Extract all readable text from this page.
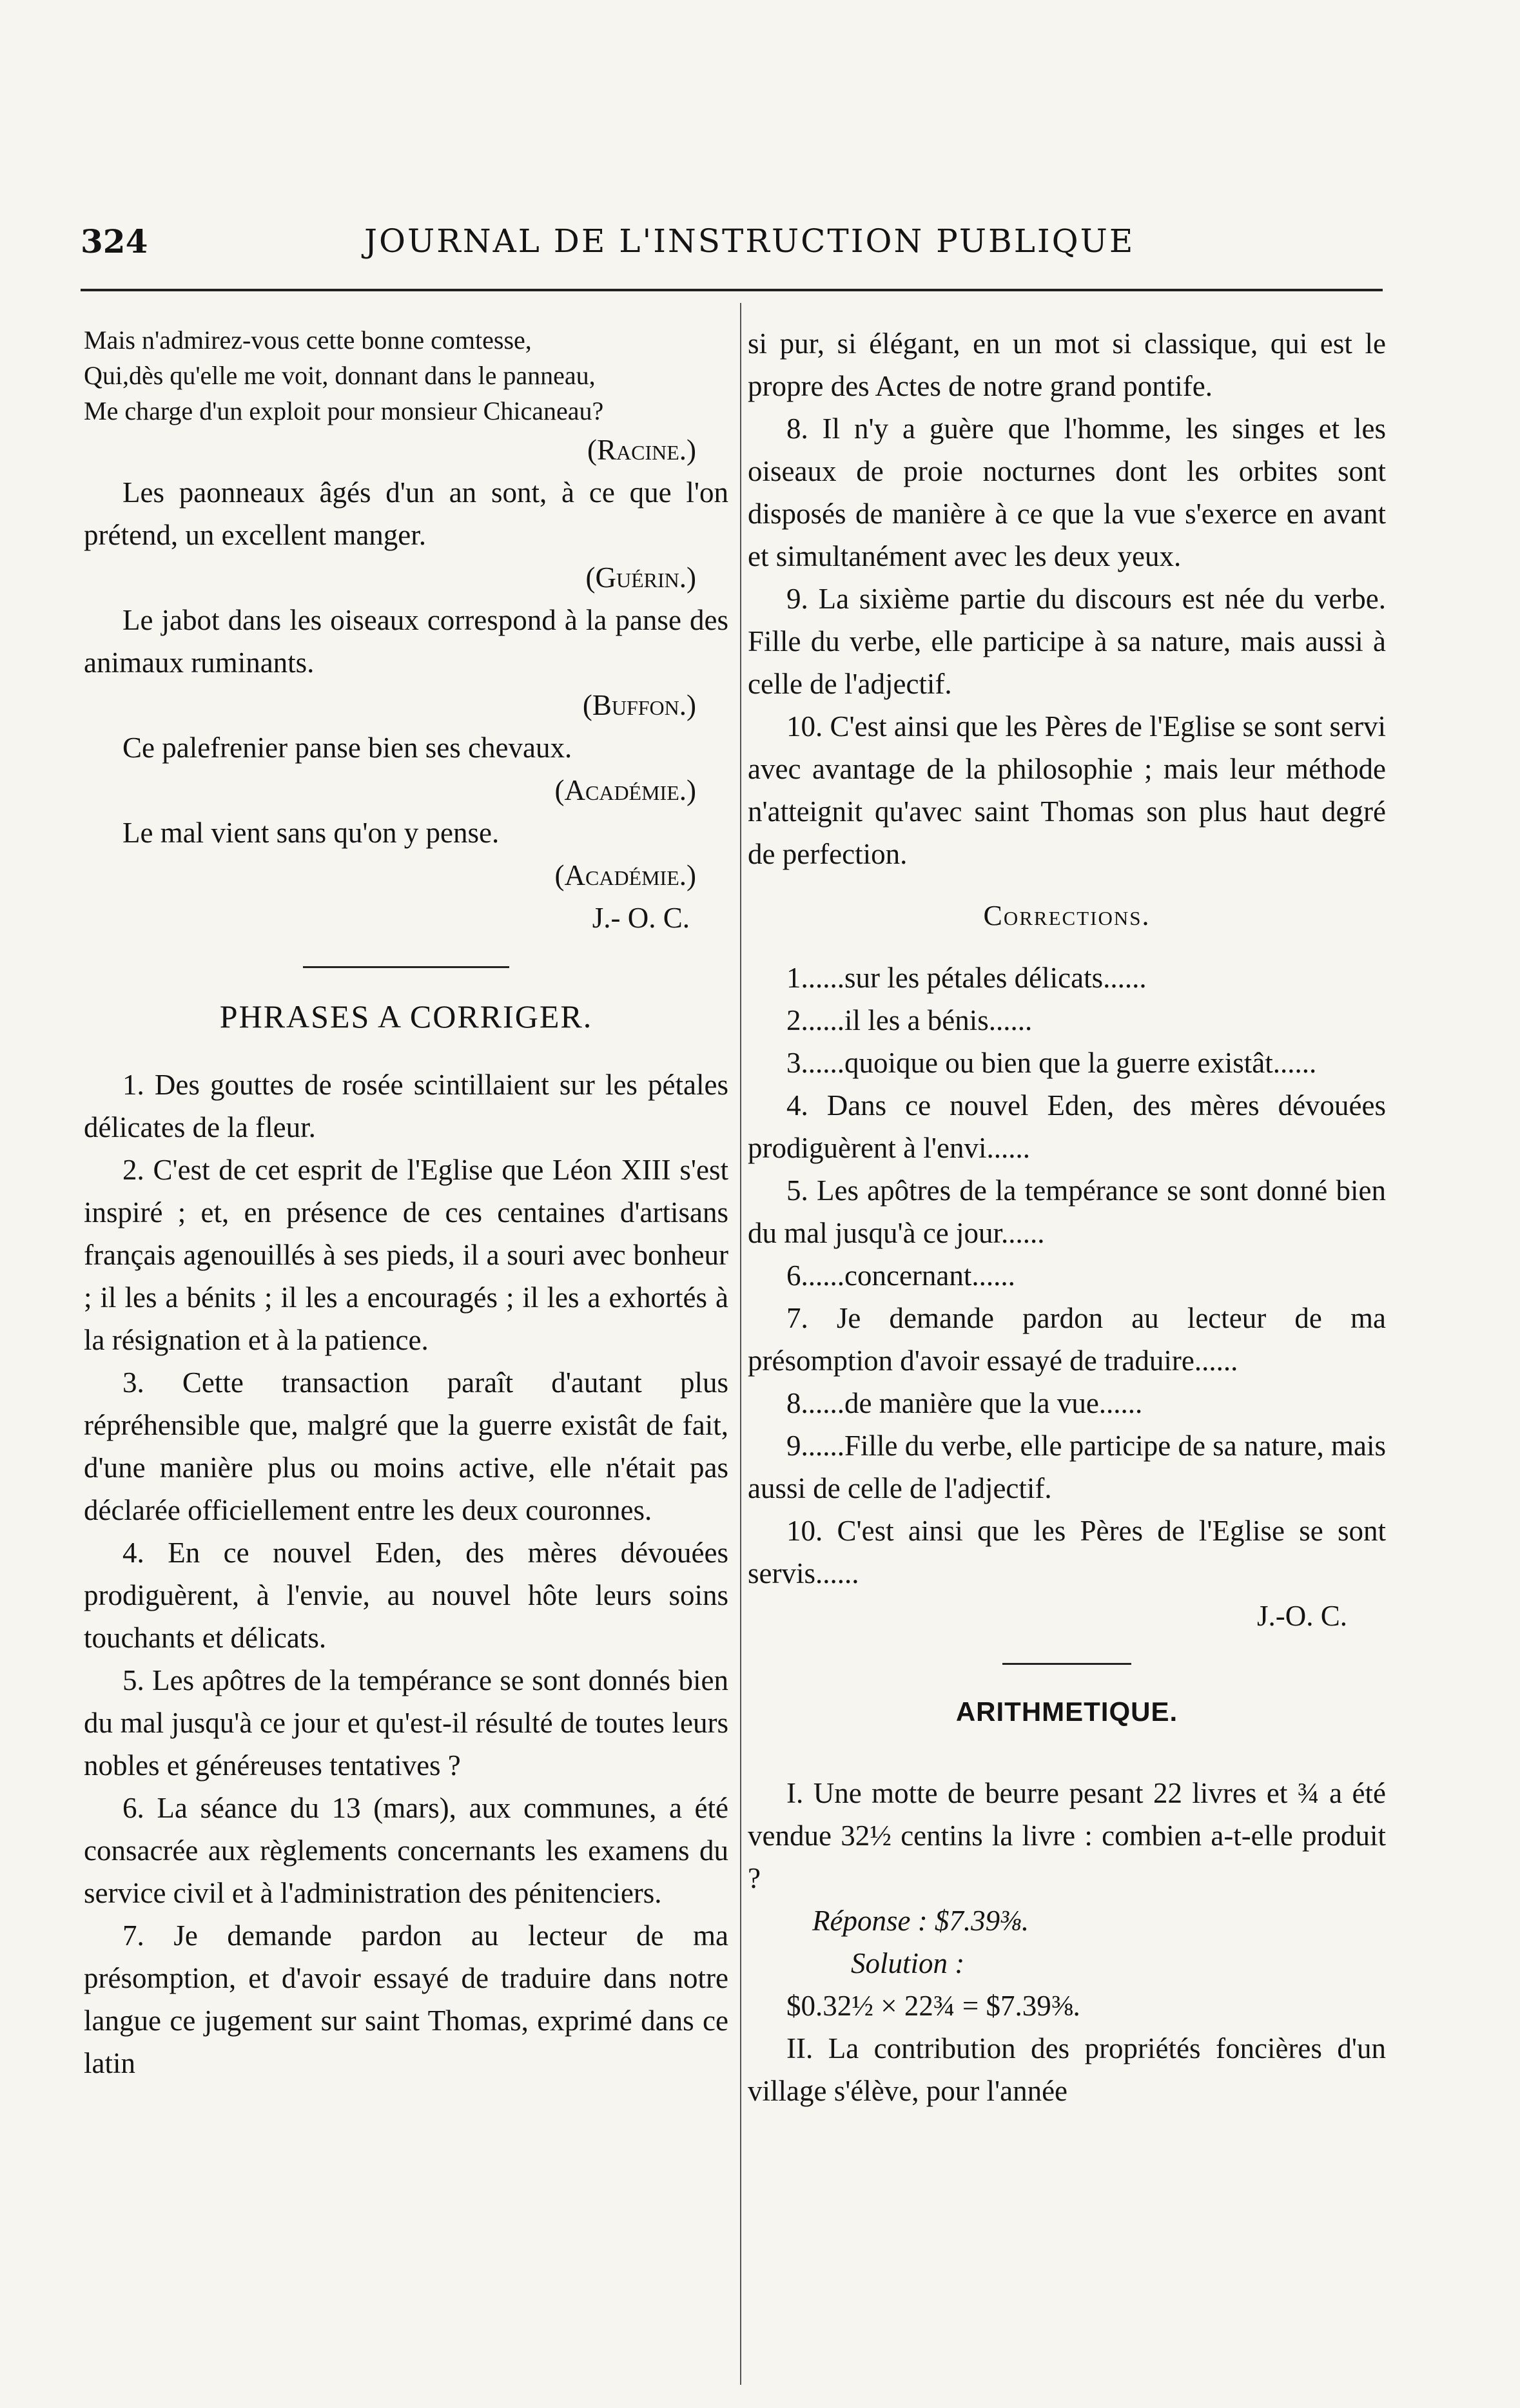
324	JOURNAL DE L'INSTRUCTION PUBLIQUE

Mais n'admirez-vous cette bonne comtesse,

Qui,dès qu'elle me voit, donnant dans le panneau,

Me charge d'un exploit pour monsieur Chicaneau?

(Racine.)

Les paonneaux âgés d'un an sont, à ce que l'on prétend, un excellent manger.

(Guérin.)

Le jabot dans les oiseaux correspond à la panse des animaux ruminants.

(Buffon.)

Ce palefrenier panse bien ses chevaux.

(Académie.)

Le mal vient sans qu'on y pense.

(Académie.)

J.- O. C.

PHRASES A CORRIGER.

1. Des gouttes de rosée scintillaient sur les pétales délicates de la fleur.

2. C'est de cet esprit de l'Eglise que Léon XIII s'est inspiré ; et, en présence de ces centaines d'artisans français agenouillés à ses pieds, il a souri avec bonheur ; il les a bénits ; il les a encouragés ; il les a exhortés à la résignation et à la patience.

3. Cette transaction paraît d'autant plus répréhensible que, malgré que la guerre existât de fait, d'une manière plus ou moins active, elle n'était pas déclarée officiellement entre les deux couronnes.

4. En ce nouvel Eden, des mères dévouées prodiguèrent, à l'envie, au nouvel hôte leurs soins touchants et délicats.

5. Les apôtres de la tempérance se sont donnés bien du mal jusqu'à ce jour et qu'est-il résulté de toutes leurs nobles et généreuses tentatives ?

6. La séance du 13 (mars), aux communes, a été consacrée aux règlements concernants les examens du service civil et à l'administration des pénitenciers.

7. Je demande pardon au lecteur de ma présomption, et d'avoir essayé de traduire dans notre langue ce jugement sur saint Thomas, exprimé dans ce latin

si pur, si élégant, en un mot si classique, qui est le propre des Actes de notre grand pontife.

8. Il n'y a guère que l'homme, les singes et les oiseaux de proie nocturnes dont les orbites sont disposés de manière à ce que la vue s'exerce en avant et simultanément avec les deux yeux.

9. La sixième partie du discours est née du verbe. Fille du verbe, elle participe à sa nature, mais aussi à celle de l'adjectif.

10. C'est ainsi que les Pères de l'Eglise se sont servi avec avantage de la philosophie ; mais leur méthode n'atteignit qu'avec saint Thomas son plus haut degré de perfection.

Corrections.

1......sur les pétales délicats......

2......il les a bénis......

3......quoique ou bien que la guerre existât......

4. Dans ce nouvel Eden, des mères dévouées prodiguèrent à l'envi......

5. Les apôtres de la tempérance se sont donné bien du mal jusqu'à ce jour......

6......concernant......

7. Je demande pardon au lecteur de ma présomption d'avoir essayé de traduire......

8......de manière que la vue......

9......Fille du verbe, elle participe de sa nature, mais aussi de celle de l'adjectif.

10. C'est ainsi que les Pères de l'Eglise se sont servis......

J.-O. C.

ARITHMETIQUE.

I. Une motte de beurre pesant 22 livres et ¾ a été vendue 32½ centins la livre : combien a-t-elle produit ?

Réponse : $7.39⅜.

Solution :

$0.32½ × 22¾ = $7.39⅜.

II. La contribution des propriétés foncières d'un village s'élève, pour l'année
